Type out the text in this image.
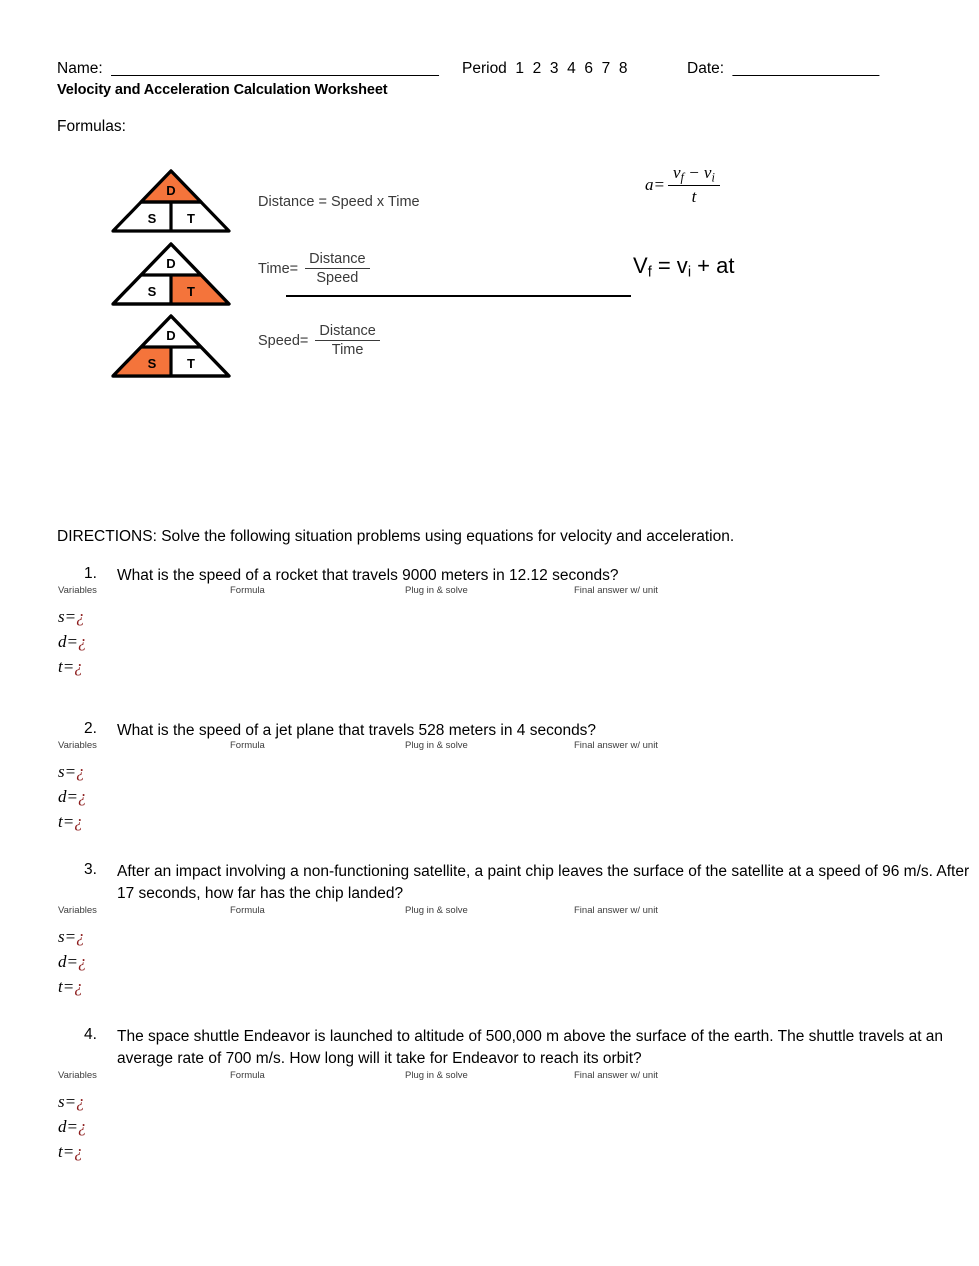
Name:  ______________________________________ Period  1  2  3  4  6  7  8	Date:  _________________
Velocity and Acceleration Calculation Worksheet
Formulas:
D
S T
Distance = Speed x Time
D
S T
Time= $\frac{\text{Distance}}{\text{Speed}}$
D
S T
Speed= $\frac{\text{Distance}}{\text{Time}}$
$a= \frac{v_f - v_i}{t}$
$V_f = v_i$ + at
DIRECTIONS: Solve the following situation problems using equations for velocity and acceleration.
1. What is the speed of a rocket that travels 9000 meters in 12.12 seconds?
Variables	Formula	Plug in & solve	Final answer w/ unit
s=¿
d=¿
t=¿
2. What is the speed of a jet plane that travels 528 meters in 4 seconds?
Variables	Formula	Plug in & solve	Final answer w/ unit
s=¿
d=¿
t=¿
3. After an impact involving a non-functioning satellite, a paint chip leaves the surface of the satellite at a speed of 96 m/s. After 17 seconds, how far has the chip landed?
Variables	Formula	Plug in & solve	Final answer w/ unit
s=¿
d=¿
t=¿
4. The space shuttle Endeavor is launched to altitude of 500,000 m above the surface of the earth. The shuttle travels at an average rate of 700 m/s. How long will it take for Endeavor to reach its orbit?
Variables	Formula	Plug in & solve	Final answer w/ unit
s=¿
d=¿
t=¿
